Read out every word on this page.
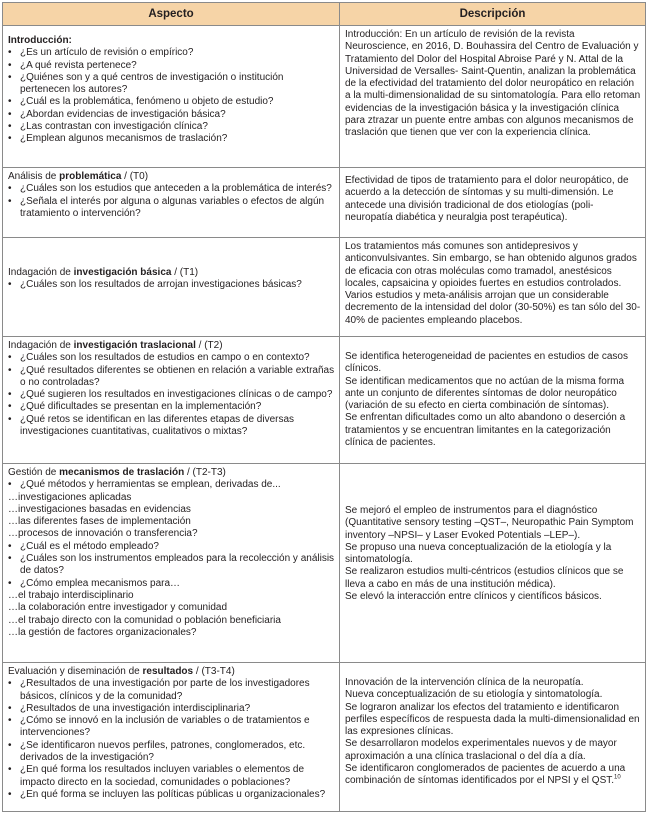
Aspecto	Descripción
Introducción:
• ¿Es un artículo de revisión o empírico?
• ¿A qué revista pertenece?
• ¿Quiénes son y a qué centros de investigación o institución pertenecen los autores?
• ¿Cuál es la problemática, fenómeno u objeto de estudio?
• ¿Abordan evidencias de investigación básica?
• ¿Las contrastan con investigación clínica?
• ¿Emplean algunos mecanismos de traslación?
Introducción: En un artículo de revisión de la revista Neuroscience, en 2016, D. Bouhassira del Centro de Evaluación y Tratamiento del Dolor del Hospital Abroise Paré y N. Attal de la Universidad de Versalles- Saint-Quentin, analizan la problemática de la efectividad del tratamiento del dolor neuropático en relación a la multi-dimensionalidad de su sintomatología. Para ello retoman evidencias de la investigación básica y la investigación clínica para ztrazar un puente entre ambas con algunos mecanismos de traslación que tienen que ver con la experiencia clínica.
Análisis de problemática / (T0)
• ¿Cuáles son los estudios que anteceden a la problemática de interés?
• ¿Señala el interés por alguna o algunas variables o efectos de algún tratamiento o intervención?
Efectividad de tipos de tratamiento para el dolor neuropático, de acuerdo a la detección de síntomas y su multi-dimensión. Le antecede una división tradicional de dos etiologías (poli-neuropatía diabética y neuralgia post terapéutica).
Indagación de investigación básica / (T1)
• ¿Cuáles son los resultados de arrojan investigaciones básicas?
Los tratamientos más comunes son antidepresivos y anticonvulsivantes. Sin embargo, se han obtenido algunos grados de eficacia con otras moléculas como tramadol, anestésicos locales, capsaicina y opioides fuertes en estudios controlados. Varios estudios y meta-análisis arrojan que un considerable decremento de la intensidad del dolor (30-50%) es tan sólo del 30-40% de pacientes empleando placebos.
Indagación de investigación traslacional / (T2)
• ¿Cuáles son los resultados de estudios en campo o en contexto?
• ¿Qué resultados diferentes se obtienen en relación a variable extrañas o no controladas?
• ¿Qué sugieren los resultados en investigaciones clínicas o de campo?
• ¿Qué dificultades se presentan en la implementación?
• ¿Qué retos se identifican en las diferentes etapas de diversas investigaciones cuantitativas, cualitativos o mixtas?
Se identifica heterogeneidad de pacientes en estudios de casos clínicos.
Se identifican medicamentos que no actúan de la misma forma ante un conjunto de diferentes síntomas de dolor neuropático (variación de su efecto en cierta combinación de síntomas).
Se enfrentan dificultades como un alto abandono o deserción a tratamientos y se encuentran limitantes en la categorización clínica de pacientes.
Gestión de mecanismos de traslación / (T2-T3)
• ¿Qué métodos y herramientas se emplean, derivadas de...
…investigaciones aplicadas
…investigaciones basadas en evidencias
…las diferentes fases de implementación
…procesos de innovación o transferencia?
• ¿Cuál es el método empleado?
• ¿Cuáles son los instrumentos empleados para la recolección y análisis de datos?
• ¿Cómo emplea mecanismos para…
…el trabajo interdisciplinario
…la colaboración entre investigador y comunidad
…el trabajo directo con la comunidad o población beneficiaria
…la gestión de factores organizacionales?
Se mejoró el empleo de instrumentos para el diagnóstico (Quantitative sensory testing –QST–, Neuropathic Pain Symptom inventory –NPSI– y Laser Evoked Potentials –LEP–).
Se propuso una nueva conceptualización de la etiología y la sintomatología.
Se realizaron estudios multi-céntricos (estudios clínicos que se lleva a cabo en más de una institución médica).
Se elevó la interacción entre clínicos y científicos básicos.
Evaluación y diseminación de resultados / (T3-T4)
• ¿Resultados de una investigación por parte de los investigadores básicos, clínicos y de la comunidad?
• ¿Resultados de una investigación interdisciplinaria?
• ¿Cómo se innovó en la inclusión de variables o de tratamientos e intervenciones?
• ¿Se identificaron nuevos perfiles, patrones, conglomerados, etc. derivados de la investigación?
• ¿En qué forma los resultados incluyen variables o elementos de impacto directo en la sociedad, comunidades o poblaciones?
• ¿En qué forma se incluyen las políticas públicas u organizacionales?
Innovación de la intervención clínica de la neuropatía.
Nueva conceptualización de su etiología y sintomatología.
Se lograron analizar los efectos del tratamiento e identificaron perfiles específicos de respuesta dada la multi-dimensionalidad en las expresiones clínicas.
Se desarrollaron modelos experimentales nuevos y de mayor aproximación a una clínica traslacional o del día a día.
Se identificaron conglomerados de pacientes de acuerdo a una combinación de síntomas identificados por el NPSI y el QST.$^{10}$
